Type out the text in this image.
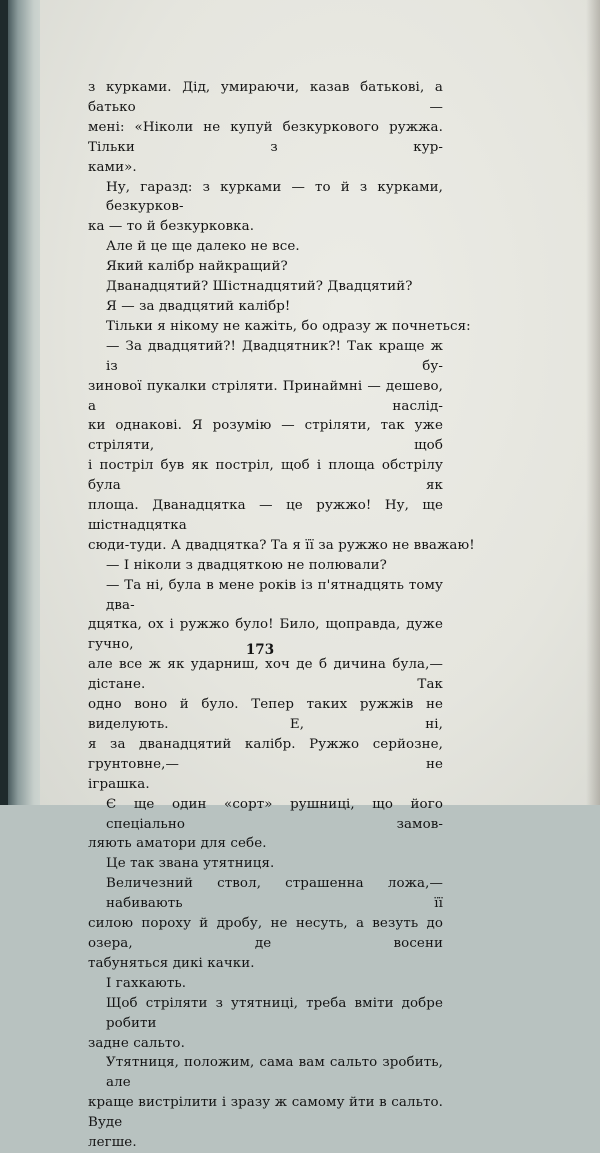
з курками. Дід, умираючи, казав батькові, а батько —
мені: «Ніколи не купуй безкуркового ружжа. Тільки з кур-
ками».
Ну, гаразд: з курками — то й з курками, безкурков-
ка — то й безкурковка.
Але й це ще далеко не все.
Який калібр найкращий?
Дванадцятий? Шістнадцятий? Двадцятий?
Я — за двадцятий калібр!
Тільки я нікому не кажіть, бо одразу ж почнеться:
— За двадцятий?! Двадцятник?! Так краще ж із бу-
зинової пукалки стріляти. Принаймні — дешево, а наслід-
ки однакові. Я розумію — стріляти, так уже стріляти, щоб
і постріл був як постріл, щоб і площа обстрілу була як
площа. Дванадцятка — це ружжо! Ну, ще шістнадцятка
сюди-туди. А двадцятка? Та я її за ружжо не вважаю!
— І ніколи з двадцяткою не полювали?
— Та ні, була в мене років із п'ятнадцять тому два-
дцятка, ох і ружжо було! Било, щоправда, дуже гучно,
але все ж як ударниш, хоч де б дичина була,— дістане. Так
одно воно й було. Тепер таких ружжів не виделують. Е, ні,
я за дванадцятий калібр. Ружжо серйозне, грунтовне,— не
іграшка.
Є ще один «сорт» рушниці, що його спеціально замов-
ляють аматори для себе.
Це так звана утятниця.
Величезний ствол, страшенна ложа,— набивають її
силою пороху й дробу, не несуть, а везуть до озера, де восени
табуняться дикі качки.
І гахкають.
Щоб стріляти з утятниці, треба вміти добре робити
задне сальто.
Утятниця, положим, сама вам сальто зробить, але
краще вистрілити і зразу ж самому йти в сальто. Вуде
легше.
173
